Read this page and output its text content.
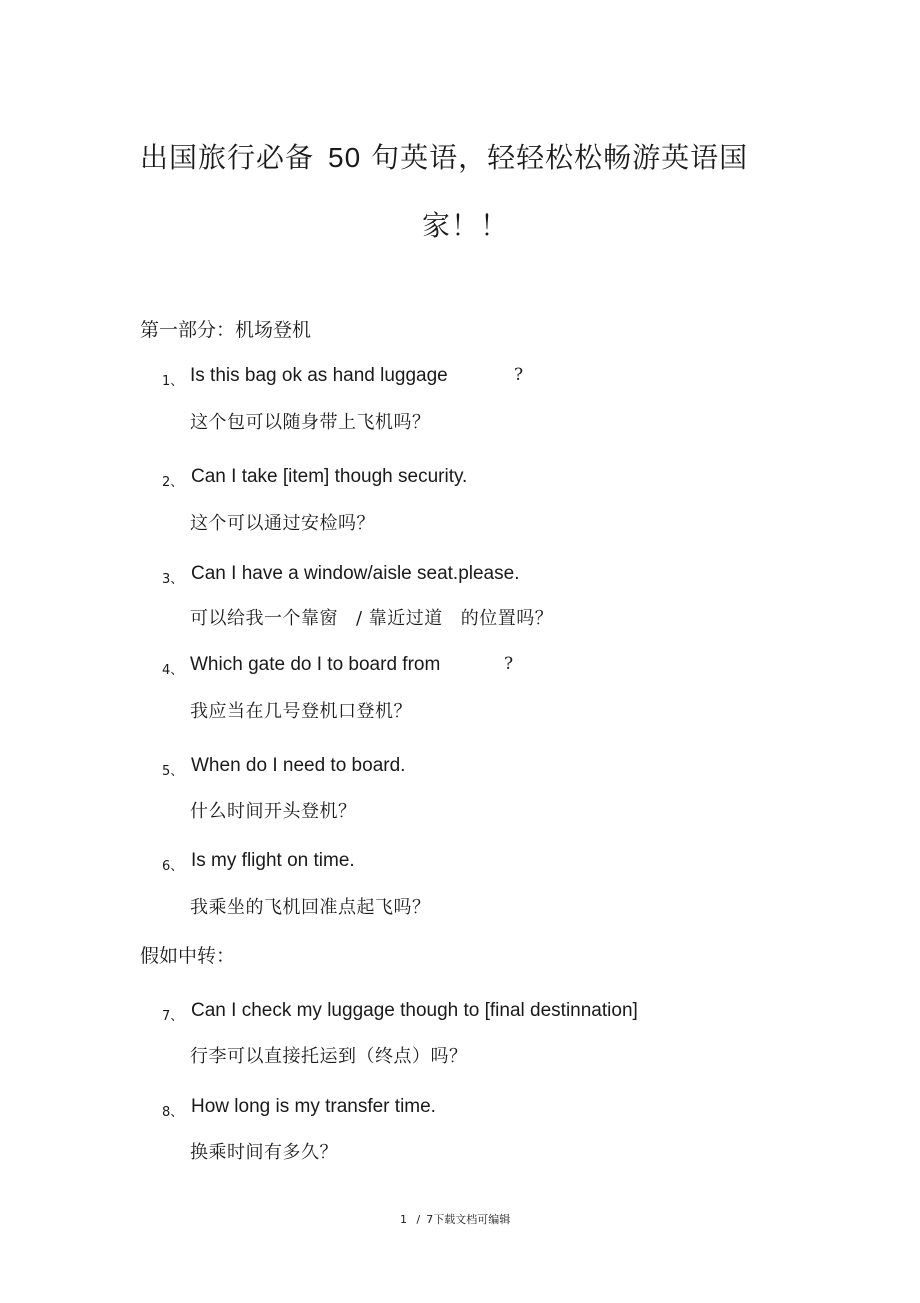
出国旅行必备 50 句英语，轻轻松松畅游英语国
家！！
第一部分：机场登机
1、 Is this bag ok as hand luggage	?
这个包可以随身带上飞机吗？
2、 Can I take [item] though security.
这个可以通过安检吗？
3、 Can I have a window/aisle seat.please.
可以给我一个靠窗 / 靠近过道 的位置吗？
4、 Which gate do I to board from	?
我应当在几号登机口登机？
5、 When do I need to board.
什么时间开头登机？
6、 Is my flight on time.
我乘坐的飞机回准点起飞吗？
假如中转：
7、 Can I check my luggage though to [final destinnation]
行李可以直接托运到（终点）吗？
8、 How long is my transfer time.
换乘时间有多久？
1 / 7下载文档可编辑
